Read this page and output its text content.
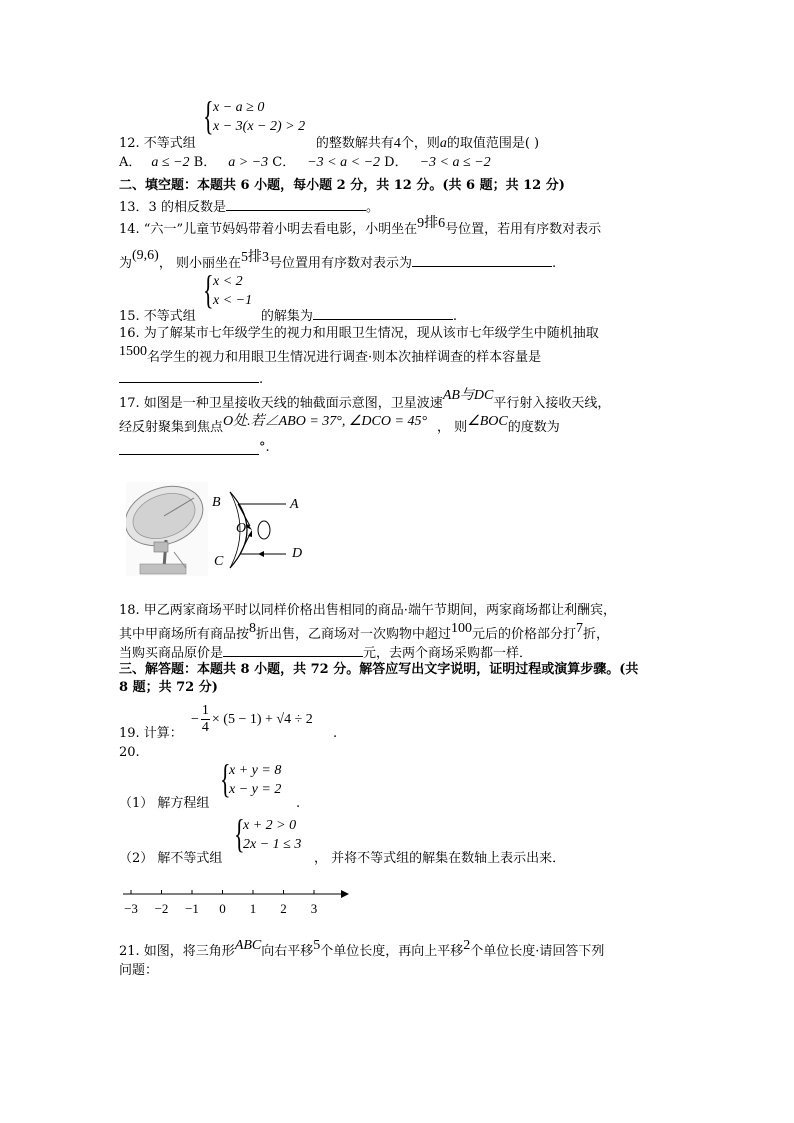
{ x − a ≥ 0
x − 3(x − 2) > 2
12. 不等式组	的整数解共有4个，则a的取值范围是( )
A． a ≤ −2 B． a > −3 C． −3 < a < −2 D． −3 < a ≤ −2
二、填空题：本题共 6 小题，每小题 2 分，共 12 分。(共 6 题；共 12 分)
13．3 的相反数是	。
14. “六一”儿童节妈妈带着小明去看电影，小明坐在9排6号位置，若用有序数对表示
为(9,6)， 则小丽坐在5排3号位置用有序数对表示为	.
{ x < 2
x < −1
15. 不等式组	的解集为	.
16. 为了解某市七年级学生的视力和用眼卫生情况，现从该市七年级学生中随机抽取
1500名学生的视力和用眼卫生情况进行调查·则本次抽样调查的样本容量是
.
17. 如图是一种卫星接收天线的轴截面示意图，卫星波速AB与DC平行射入接收天线，
经反射聚集到焦点O处.若∠ABO = 37°, ∠DCO = 45° ， 则∠BOC的度数为
°.
B	A
O
C
D
18. 甲乙两家商场平时以同样价格出售相同的商品·端午节期间，两家商场都让利酬宾，
其中甲商场所有商品按8折出售，乙商场对一次购物中超过100元后的价格部分打7折，
当购买商品原价是	元，去两个商场采购都一样．
三、解答题：本题共 8 小题，共 72 分。解答应写出文字说明，证明过程或演算步骤。(共
8 题；共 72 分)
19. 计算：
− $\frac{1}{4} \times (5 - 1) + √4 \div 2$
.
20.
{
x + y = 8
x − y = 2
（1） 解方程组	.
{
x + 2 > 0
2x − 1 ≤ 3
（2） 解不等式组	， 并将不等式组的解集在数轴上表示出来．
−3 −2 −1 0 1 2 3
21. 如图，将三角形ABC向右平移5个单位长度，再向上平移2个单位长度·请回答下列
问题：
